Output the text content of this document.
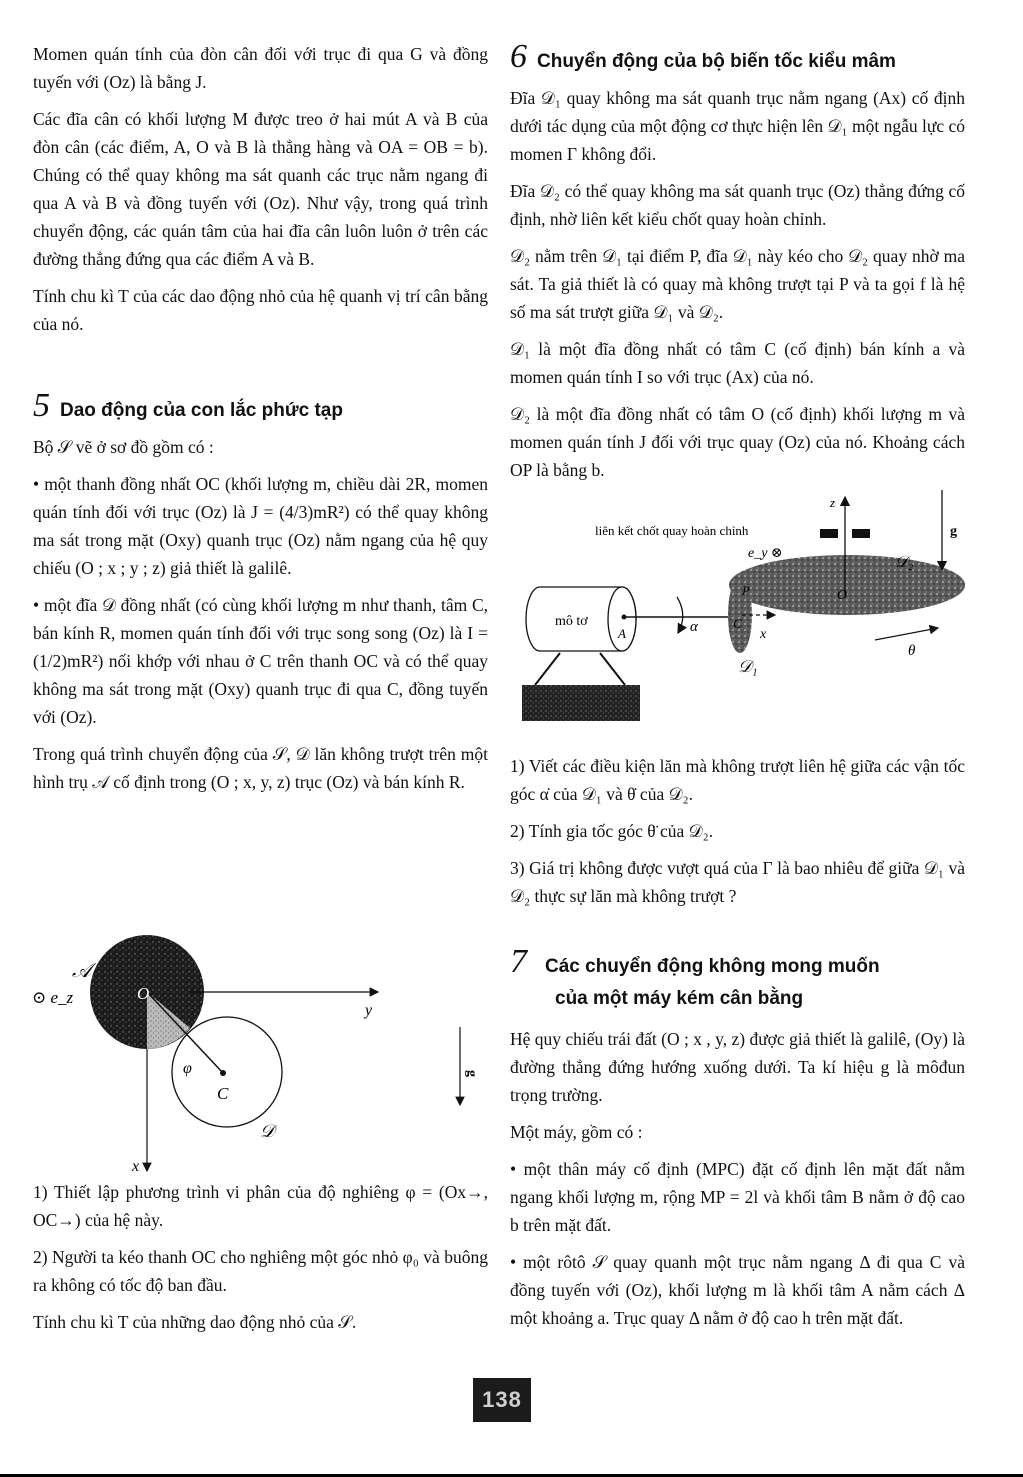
Momen quán tính của đòn cân đối với trục đi qua G và đồng tuyến với (Oz) là bằng J.

Các đĩa cân có khối lượng M được treo ở hai mút A và B của đòn cân (các điểm, A, O và B là thẳng hàng và OA = OB = b). Chúng có thể quay không ma sát quanh các trục nằm ngang đi qua A và B và đồng tuyến với (Oz). Như vậy, trong quá trình chuyển động, các quán tâm của hai đĩa cân luôn luôn ở trên các đường thẳng đứng qua các điểm A và B.

Tính chu kì T của các dao động nhỏ của hệ quanh vị trí cân bằng của nó.

5 Dao động của con lắc phức tạp

Bộ 𝒮 vẽ ở sơ đồ gồm có :

• một thanh đồng nhất OC (khối lượng m, chiều dài 2R, momen quán tính đối với trục (Oz) là J = (4/3)mR²) có thể quay không ma sát trong mặt (Oxy) quanh trục (Oz) nằm ngang của hệ quy chiếu (O ; x ; y ; z) giả thiết là galilê.

• một đĩa 𝒟 đồng nhất (có cùng khối lượng m như thanh, tâm C, bán kính R, momen quán tính đối với trục song song (Oz) là I = (1/2)mR²) nối khớp với nhau ở C trên thanh OC và có thể quay không ma sát trong mặt (Oxy) quanh trục đi qua C, đồng tuyến với (Oz).

Trong quá trình chuyển động của 𝒮, 𝒟 lăn không trượt trên một hình trụ 𝒜 cố định trong (O ; x, y, z) trục (Oz) và bán kính R.

𝒜
⊙ e_z	O
y
x
φ
C
𝒟
g

1) Thiết lập phương trình vi phân của độ nghiêng φ = (Ox→, OC→) của hệ này.

2) Người ta kéo thanh OC cho nghiêng một góc nhỏ φ₀ và buông ra không có tốc độ ban đầu.

Tính chu kì T của những dao động nhỏ của 𝒮.

6 Chuyển động của bộ biến tốc kiểu mâm

Đĩa 𝒟₁ quay không ma sát quanh trục nằm ngang (Ax) cố định dưới tác dụng của một động cơ thực hiện lên 𝒟₁ một ngẫu lực có momen Γ không đổi.

Đĩa 𝒟₂ có thể quay không ma sát quanh trục (Oz) thẳng đứng cố định, nhờ liên kết kiểu chốt quay hoàn chỉnh.

𝒟₂ nằm trên 𝒟₁ tại điểm P, đĩa 𝒟₁ này kéo cho 𝒟₂ quay nhờ ma sát. Ta giả thiết là có quay mà không trượt tại P và ta gọi f là hệ số ma sát trượt giữa 𝒟₁ và 𝒟₂.

𝒟₁ là một đĩa đồng nhất có tâm C (cố định) bán kính a và momen quán tính I so với trục (Ax) của nó.

𝒟₂ là một đĩa đồng nhất có tâm O (cố định) khối lượng m và momen quán tính J đối với trục quay (Oz) của nó. Khoảng cách OP là bằng b.

mô tơ
A	α	x
P
C
𝒟₁
z
O
liên kết chốt quay hoàn chỉnh
e_y ⊗
𝒟₂
θ
g

1) Viết các điều kiện lăn mà không trượt liên hệ giữa các vận tốc góc α̇ của 𝒟₁ và θ̇ của 𝒟₂.

2) Tính gia tốc góc θ̈ của 𝒟₂.

3) Giá trị không được vượt quá của Γ là bao nhiêu để giữa 𝒟₁ và 𝒟₂ thực sự lăn mà không trượt ?

7 Các chuyển động không mong muốn
của một máy kém cân bằng

Hệ quy chiếu trái đất (O ; x , y, z) được giả thiết là galilê, (Oy) là đường thẳng đứng hướng xuống dưới. Ta kí hiệu g là môđun trọng trường.

Một máy, gồm có :

• một thân máy cố định (MPC) đặt cố định lên mặt đất nằm ngang khối lượng m, rộng MP = 2l và khối tâm B nằm ở độ cao b trên mặt đất.

• một rôtô 𝒮 quay quanh một trục nằm ngang Δ đi qua C và đồng tuyến với (Oz), khối lượng m là khối tâm A nằm cách Δ một khoảng a. Trục quay Δ nằm ở độ cao h trên mặt đất.

138
